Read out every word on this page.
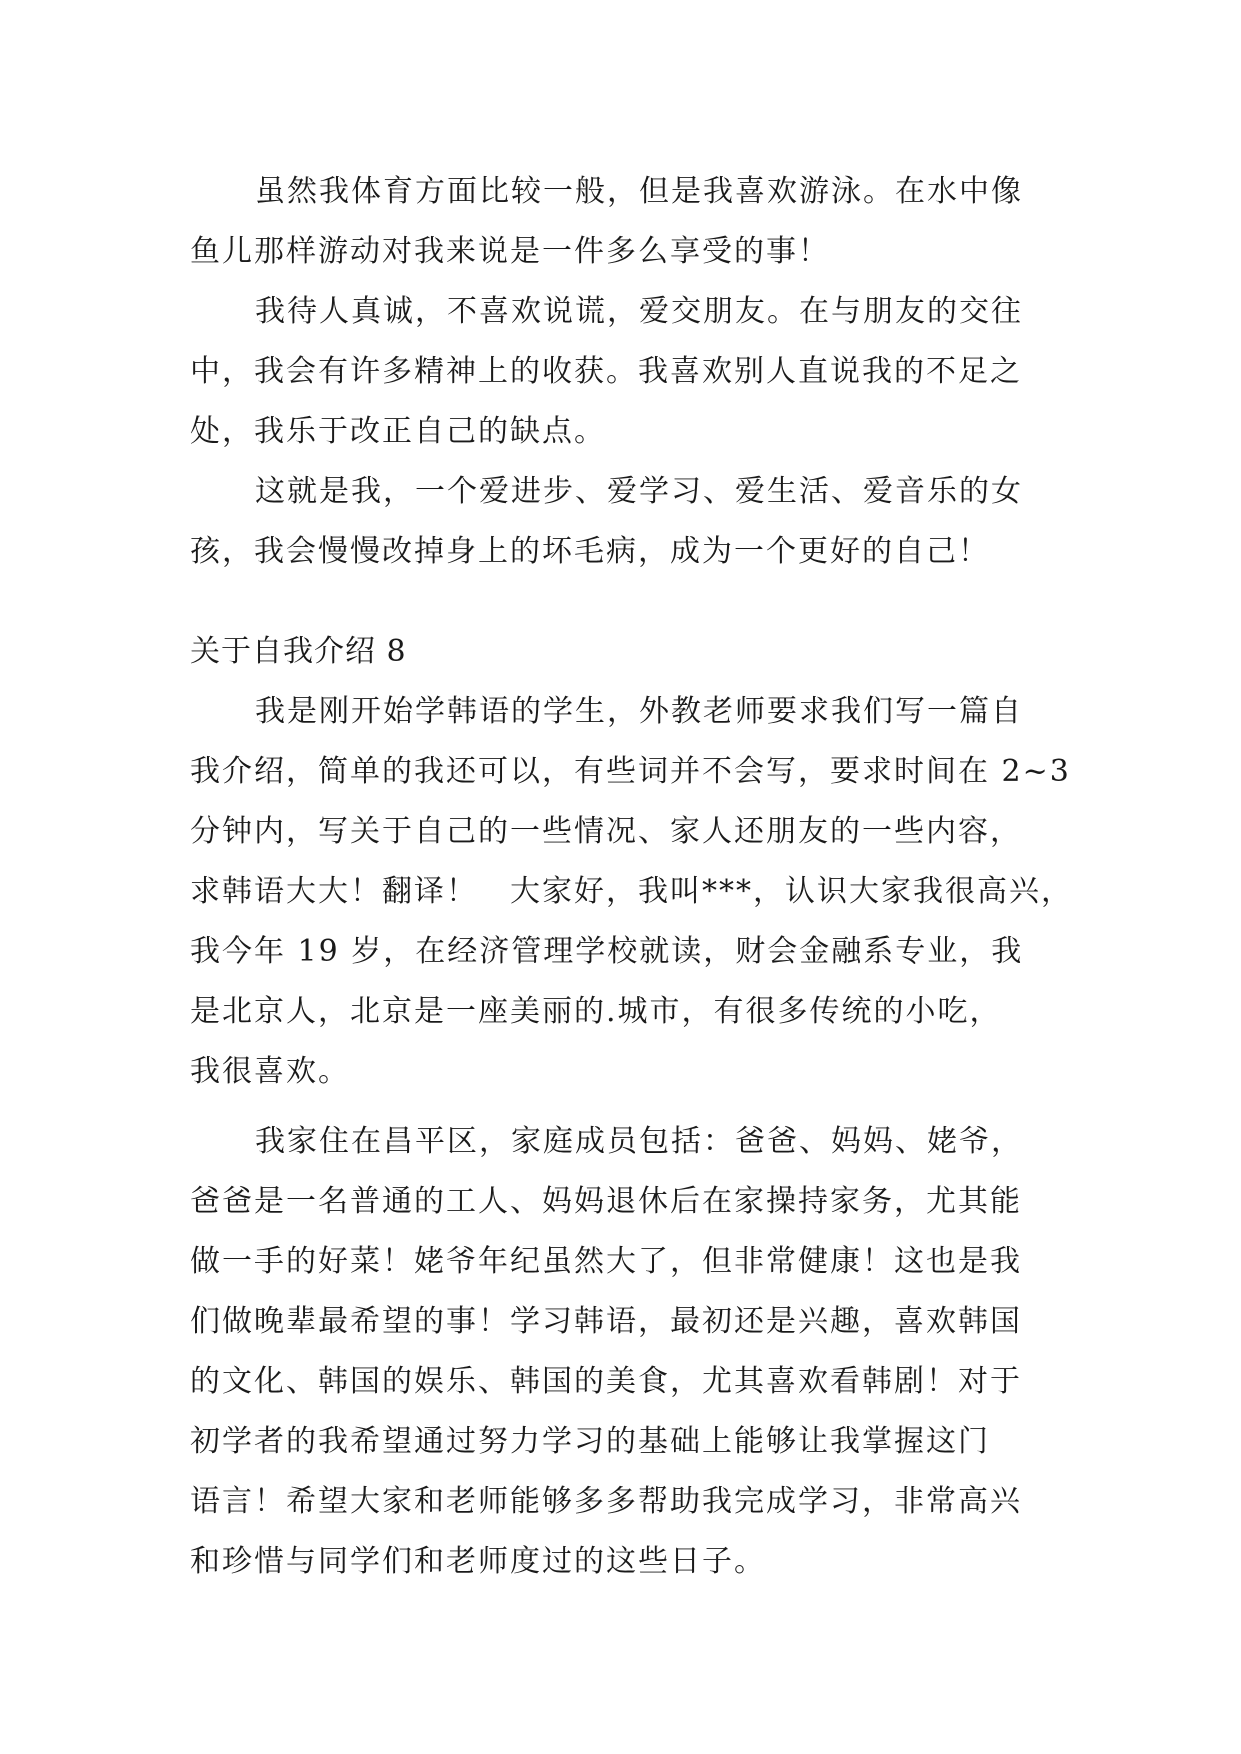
虽然我体育方面比较一般，但是我喜欢游泳。在水中像
鱼儿那样游动对我来说是一件多么享受的事！
我待人真诚，不喜欢说谎，爱交朋友。在与朋友的交往
中，我会有许多精神上的收获。我喜欢别人直说我的不足之
处，我乐于改正自己的缺点。
这就是我，一个爱进步、爱学习、爱生活、爱音乐的女
孩，我会慢慢改掉身上的坏毛病，成为一个更好的自己！
关于自我介绍 8
我是刚开始学韩语的学生，外教老师要求我们写一篇自
我介绍，简单的我还可以，有些词并不会写，要求时间在 2~3
分钟内，写关于自己的一些情况、家人还朋友的一些内容，
求韩语大大！翻译！　大家好，我叫***，认识大家我很高兴，
我今年 19 岁，在经济管理学校就读，财会金融系专业，我
是北京人，北京是一座美丽的.城市，有很多传统的小吃，
我很喜欢。
我家住在昌平区，家庭成员包括：爸爸、妈妈、姥爷，
爸爸是一名普通的工人、妈妈退休后在家操持家务，尤其能
做一手的好菜！姥爷年纪虽然大了，但非常健康！这也是我
们做晚辈最希望的事！学习韩语，最初还是兴趣，喜欢韩国
的文化、韩国的娱乐、韩国的美食，尤其喜欢看韩剧！对于
初学者的我希望通过努力学习的基础上能够让我掌握这门
语言！希望大家和老师能够多多帮助我完成学习，非常高兴
和珍惜与同学们和老师度过的这些日子。
